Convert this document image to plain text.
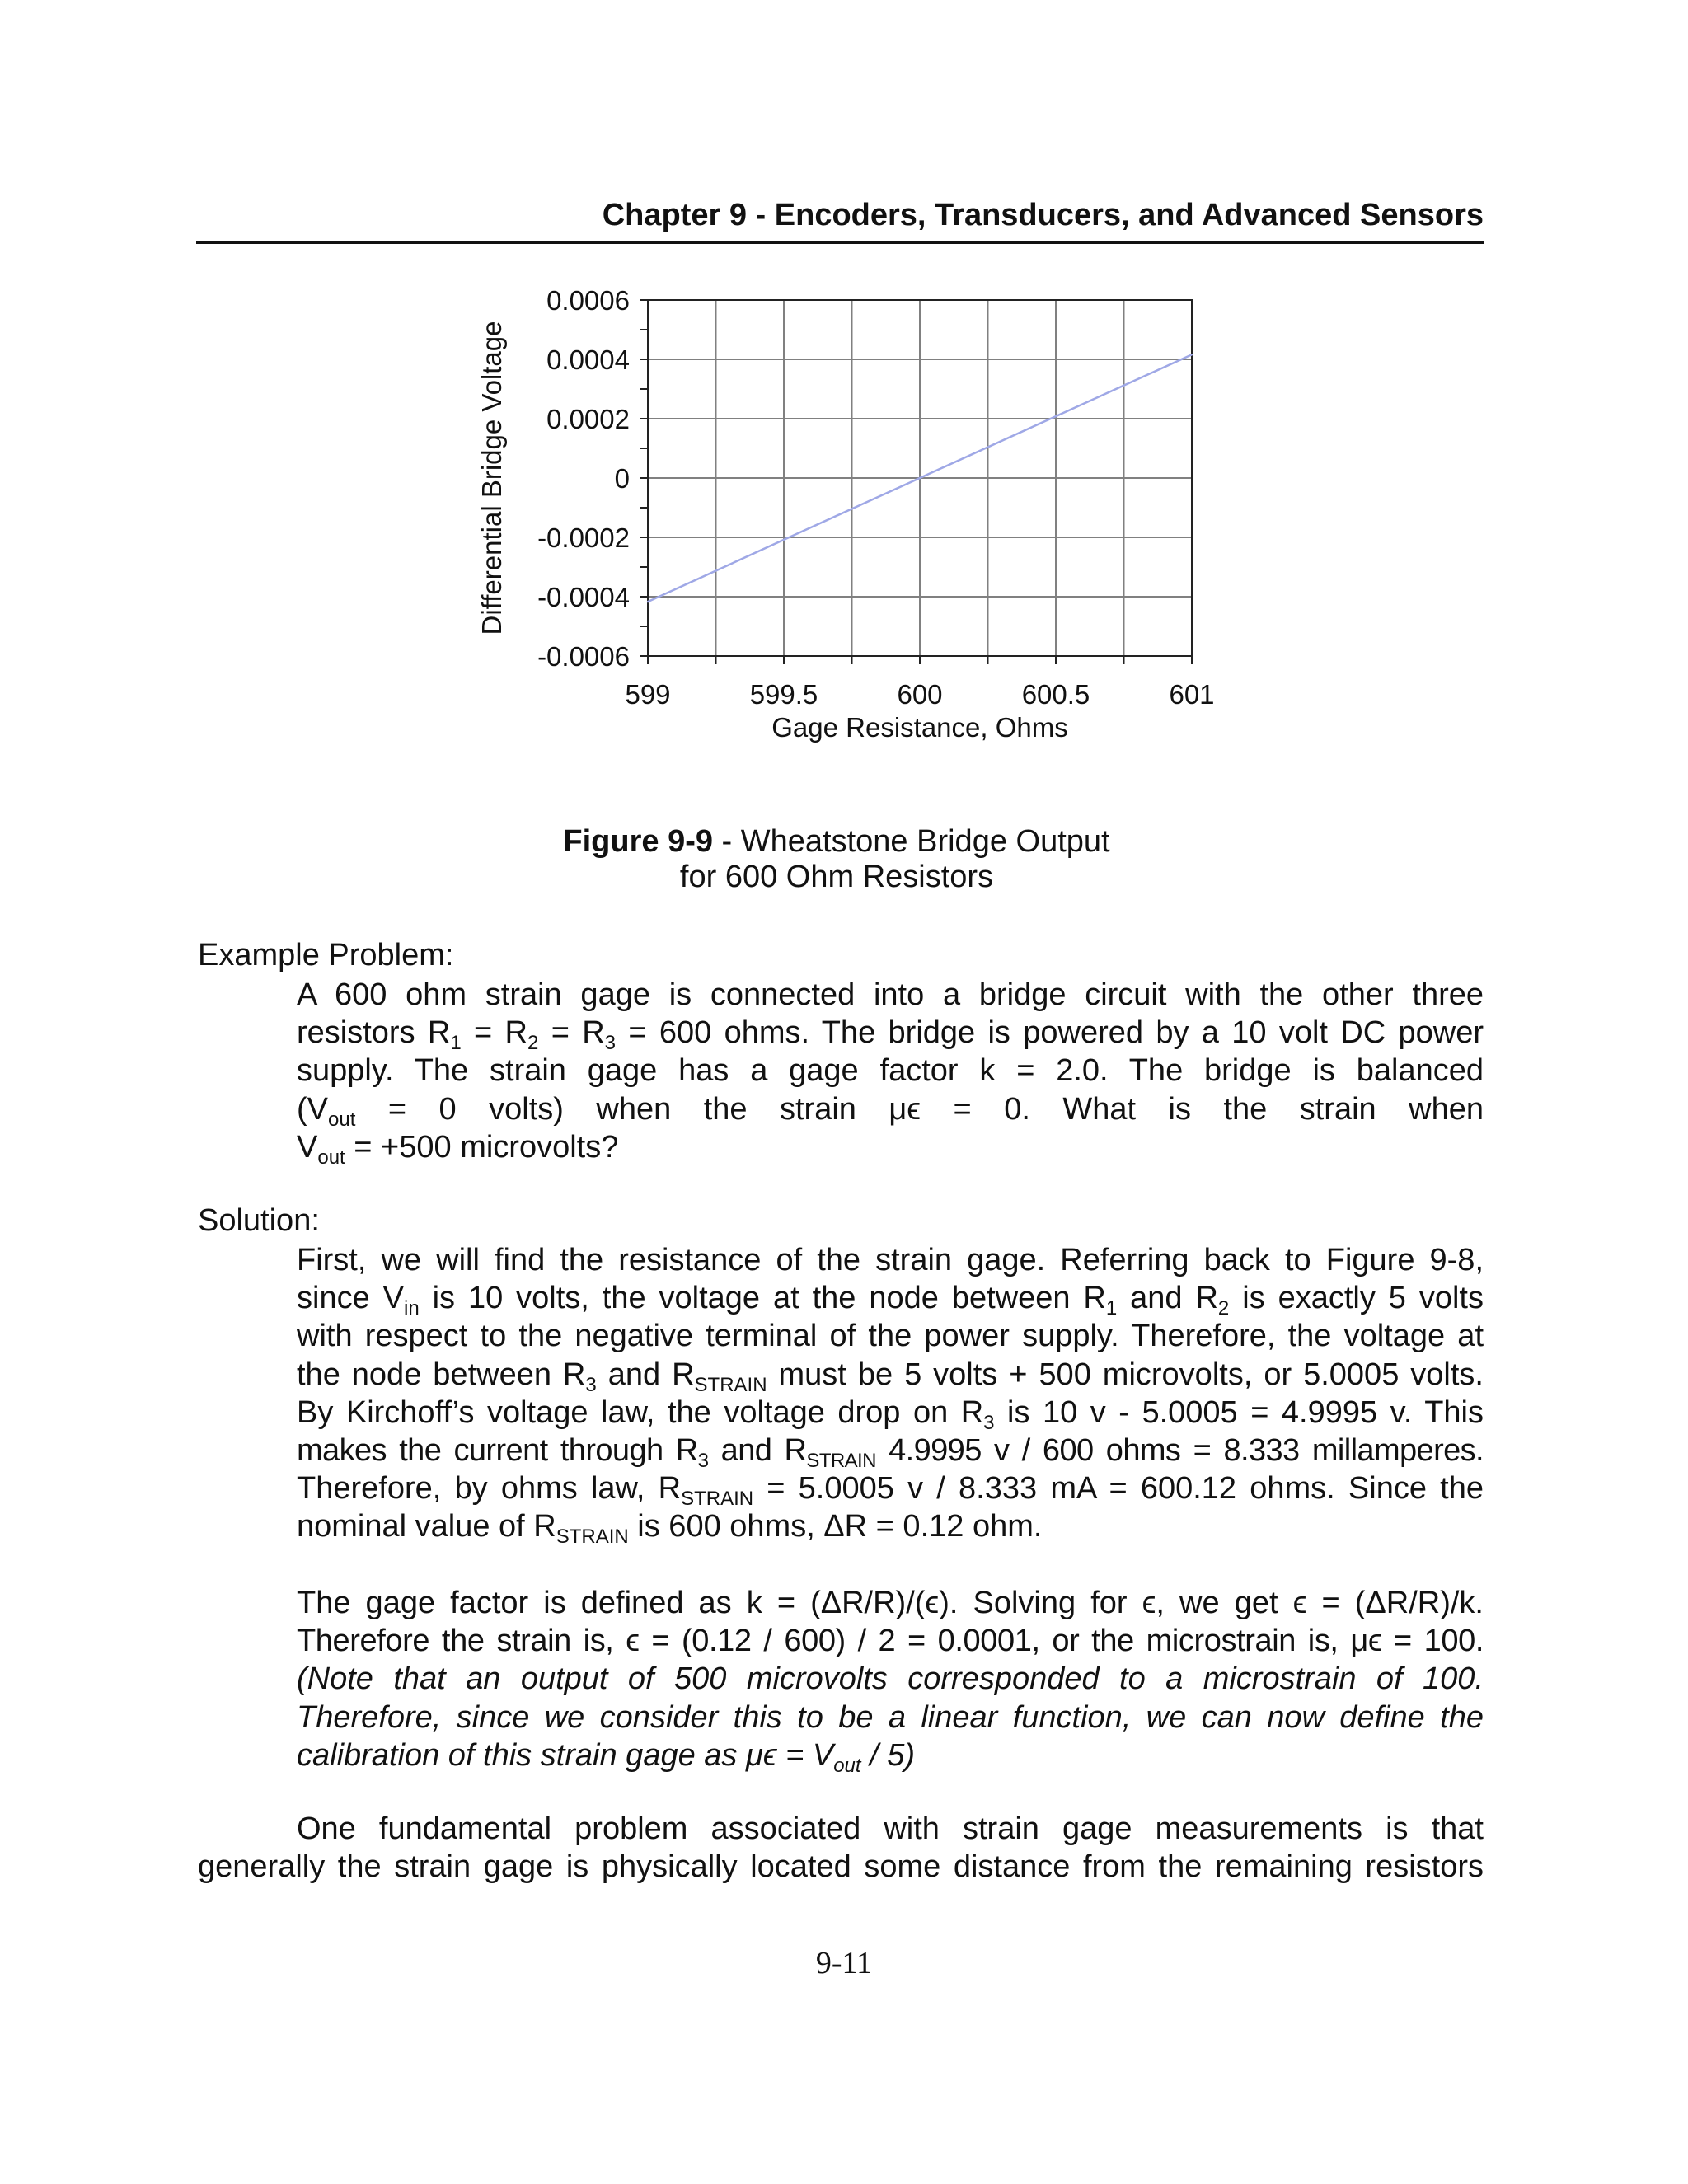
Chapter 9 - Encoders, Transducers, and Advanced Sensors
0.0006
0.0004
0.0002
0
-0.0002
-0.0004
-0.0006
599	599.5	600	600.5	601
Gage Resistance, Ohms
Differential Bridge Voltage
Figure 9-9 - Wheatstone Bridge Output
for 600 Ohm Resistors
Example Problem:
A 600 ohm strain gage is connected into a bridge circuit with the other three
resistors $R_1 = R_2 = R_3 = 600$ ohms. The bridge is powered by a 10 volt DC power
supply. The strain gage has a gage factor k = 2.0. The bridge is balanced
($V_{out} = 0$ volts) when the strain μϵ = 0. What is the strain when
$V_{out} = +500$ microvolts?
Solution:
First, we will find the resistance of the strain gage. Referring back to Figure 9-8,
since $V_{in}$ is 10 volts, the voltage at the node between $R_1$ and $R_2$ is exactly 5 volts
with respect to the negative terminal of the power supply. Therefore, the voltage at
the node between $R_3$ and $R_{STRAIN}$ must be 5 volts + 500 microvolts, or 5.0005 volts.
By Kirchoff’s voltage law, the voltage drop on $R_3$ is 10 v - 5.0005 = 4.9995 v. This
makes the current through $R_3$ and $R_{STRAIN}$ 4.9995 v / 600 ohms = 8.333 millamperes.
Therefore, by ohms law, $R_{STRAIN} = 5.0005$ v / 8.333 mA = 600.12 ohms. Since the
nominal value of $R_{STRAIN}$ is 600 ohms, ΔR = 0.12 ohm.
The gage factor is defined as k = (ΔR/R)/(ϵ). Solving for ϵ, we get ϵ = (ΔR/R)/k.
Therefore the strain is, ϵ = (0.12 / 600) / 2 = 0.0001, or the microstrain is, μϵ = 100.
(Note that an output of 500 microvolts corresponded to a microstrain of 100.
Therefore, since we consider this to be a linear function, we can now define the
calibration of this strain gage as $\mu\epsilon = V_{out} / 5$)
One fundamental problem associated with strain gage measurements is that
generally the strain gage is physically located some distance from the remaining resistors
9-11
